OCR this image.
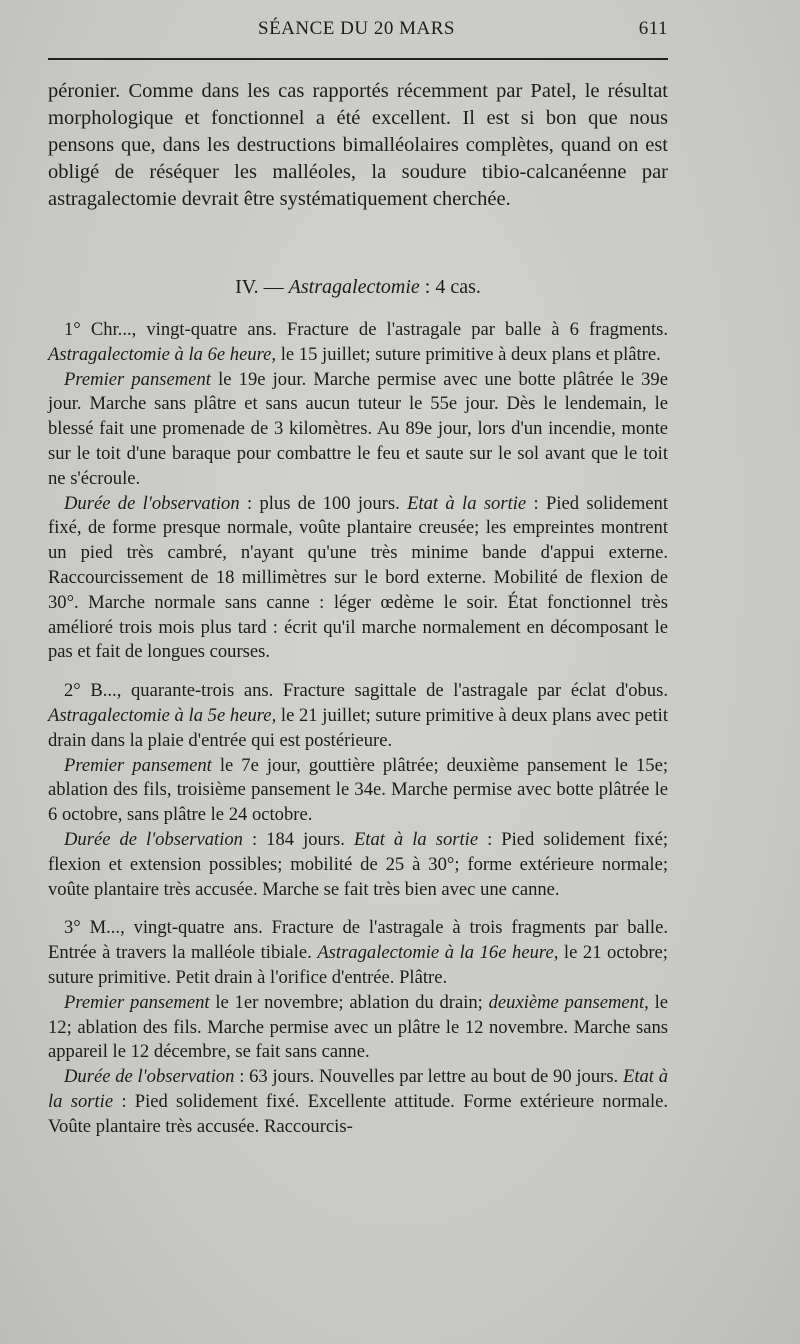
SÉANCE DU 20 MARS	611

péronier. Comme dans les cas rapportés récemment par Patel, le résultat morphologique et fonctionnel a été excellent. Il est si bon que nous pensons que, dans les destructions bimalléolaires complètes, quand on est obligé de réséquer les malléoles, la soudure tibio-calcanéenne par astragalectomie devrait être systématiquement cherchée.

IV. — Astragalectomie : 4 cas.

1° Chr..., vingt-quatre ans. Fracture de l'astragale par balle à 6 fragments. Astragalectomie à la 6e heure, le 15 juillet; suture primitive à deux plans et plâtre.

Premier pansement le 19e jour. Marche permise avec une botte plâtrée le 39e jour. Marche sans plâtre et sans aucun tuteur le 55e jour. Dès le lendemain, le blessé fait une promenade de 3 kilomètres. Au 89e jour, lors d'un incendie, monte sur le toit d'une baraque pour combattre le feu et saute sur le sol avant que le toit ne s'écroule.

Durée de l'observation : plus de 100 jours. Etat à la sortie : Pied solidement fixé, de forme presque normale, voûte plantaire creusée; les empreintes montrent un pied très cambré, n'ayant qu'une très minime bande d'appui externe. Raccourcissement de 18 millimètres sur le bord externe. Mobilité de flexion de 30°. Marche normale sans canne : léger œdème le soir. État fonctionnel très amélioré trois mois plus tard : écrit qu'il marche normalement en décomposant le pas et fait de longues courses.

2° B..., quarante-trois ans. Fracture sagittale de l'astragale par éclat d'obus. Astragalectomie à la 5e heure, le 21 juillet; suture primitive à deux plans avec petit drain dans la plaie d'entrée qui est postérieure.

Premier pansement le 7e jour, gouttière plâtrée; deuxième pansement le 15e; ablation des fils, troisième pansement le 34e. Marche permise avec botte plâtrée le 6 octobre, sans plâtre le 24 octobre.

Durée de l'observation : 184 jours. Etat à la sortie : Pied solidement fixé; flexion et extension possibles; mobilité de 25 à 30°; forme extérieure normale; voûte plantaire très accusée. Marche se fait très bien avec une canne.

3° M..., vingt-quatre ans. Fracture de l'astragale à trois fragments par balle. Entrée à travers la malléole tibiale. Astragalectomie à la 16e heure, le 21 octobre; suture primitive. Petit drain à l'orifice d'entrée. Plâtre.

Premier pansement le 1er novembre; ablation du drain; deuxième pansement, le 12; ablation des fils. Marche permise avec un plâtre le 12 novembre. Marche sans appareil le 12 décembre, se fait sans canne.

Durée de l'observation : 63 jours. Nouvelles par lettre au bout de 90 jours. Etat à la sortie : Pied solidement fixé. Excellente attitude. Forme extérieure normale. Voûte plantaire très accusée. Raccourcis-
